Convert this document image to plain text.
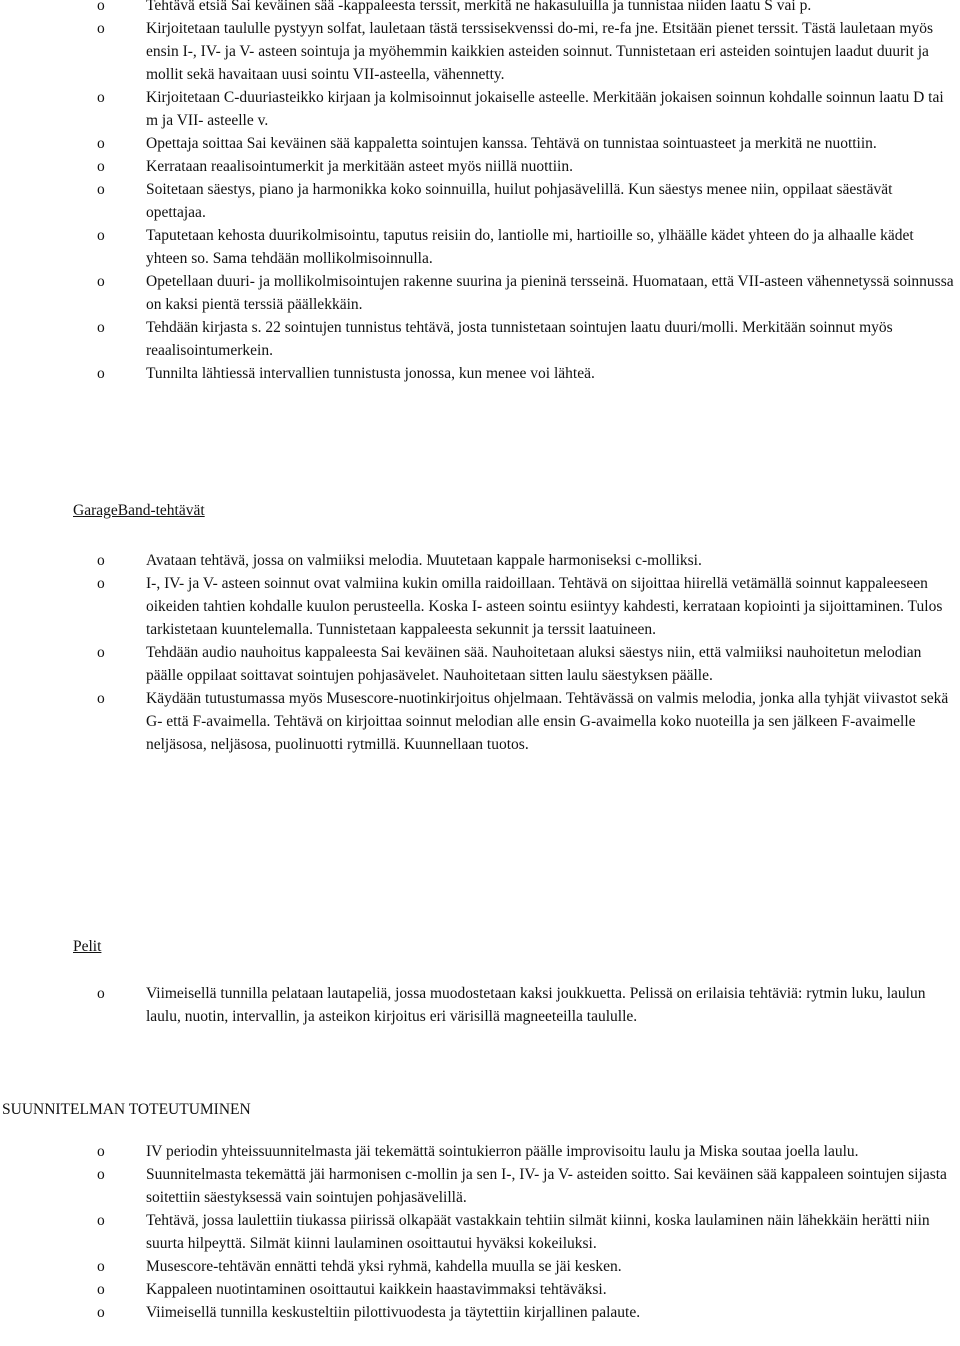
o	Tehtävä etsiä Sai keväinen sää -kappaleesta terssit, merkitä ne hakasuluilla ja tunnistaa niiden laatu S vai p.
o	Kirjoitetaan taululle pystyyn solfat, lauletaan tästä terssisekvenssi do-mi, re-fa jne. Etsitään pienet terssit. Tästä lauletaan myös ensin I-, IV- ja V- asteen sointuja ja myöhemmin kaikkien asteiden soinnut. Tunnistetaan eri asteiden sointujen laadut duurit ja mollit sekä havaitaan uusi sointu VII-asteella, vähennetty.
o	Kirjoitetaan C-duuriasteikko kirjaan ja kolmisoinnut jokaiselle asteelle. Merkitään jokaisen soinnun kohdalle soinnun laatu D tai m ja VII- asteelle v.
o	Opettaja soittaa Sai keväinen sää kappaletta sointujen kanssa. Tehtävä on tunnistaa sointuasteet ja merkitä ne nuottiin.
o	Kerrataan reaalisointumerkit ja merkitään asteet myös niillä nuottiin.
o	Soitetaan säestys, piano ja harmonikka koko soinnuilla, huilut pohjasävelillä. Kun säestys menee niin, oppilaat säestävät opettajaa.
o	Taputetaan kehosta duurikolmisointu, taputus reisiin do, lantiolle mi, hartioille so, ylhäälle kädet yhteen do ja alhaalle kädet yhteen so. Sama tehdään mollikolmisoinnulla.
o	Opetellaan duuri- ja mollikolmisointujen rakenne suurina ja pieninä tersseinä. Huomataan, että VII-asteen vähennetyssä soinnussa on kaksi pientä terssiä päällekkäin.
o	Tehdään kirjasta s. 22 sointujen tunnistus tehtävä, josta tunnistetaan sointujen laatu duuri/molli. Merkitään soinnut myös reaalisointumerkein.
o	Tunnilta lähtiessä intervallien tunnistusta jonossa, kun menee voi lähteä.
GarageBand-tehtävät
o	Avataan tehtävä, jossa on valmiiksi melodia. Muutetaan kappale harmoniseksi c-molliksi.
o	I-, IV- ja V- asteen soinnut ovat valmiina kukin omilla raidoillaan. Tehtävä on sijoittaa hiirellä vetämällä soinnut kappaleeseen oikeiden tahtien kohdalle kuulon perusteella. Koska I- asteen sointu esiintyy kahdesti, kerrataan kopiointi ja sijoittaminen. Tulos tarkistetaan kuuntelemalla. Tunnistetaan kappaleesta sekunnit ja terssit laatuineen.
o	Tehdään audio nauhoitus kappaleesta Sai keväinen sää. Nauhoitetaan aluksi säestys niin, että valmiiksi nauhoitetun melodian päälle oppilaat soittavat sointujen pohjasävelet. Nauhoitetaan sitten laulu säestyksen päälle.
o	Käydään tutustumassa myös Musescore-nuotinkirjoitus ohjelmaan. Tehtävässä on valmis melodia, jonka alla tyhjät viivastot sekä G- että F-avaimella. Tehtävä on kirjoittaa soinnut melodian alle ensin G-avaimella koko nuoteilla ja sen jälkeen F-avaimelle neljäsosa, neljäsosa, puolinuotti rytmillä. Kuunnellaan tuotos.
Pelit
o	Viimeisellä tunnilla pelataan lautapeliä, jossa muodostetaan kaksi joukkuetta. Pelissä on erilaisia tehtäviä: rytmin luku, laulun laulu, nuotin, intervallin, ja asteikon kirjoitus eri värisillä magneeteilla taululle.
SUUNNITELMAN TOTEUTUMINEN
o	IV periodin yhteissuunnitelmasta jäi tekemättä sointukierron päälle improvisoitu laulu ja Miska soutaa joella laulu.
o	Suunnitelmasta tekemättä jäi harmonisen c-mollin ja sen I-, IV- ja V- asteiden soitto. Sai keväinen sää kappaleen sointujen sijasta soitettiin säestyksessä vain sointujen pohjasävelillä.
o	Tehtävä, jossa laulettiin tiukassa piirissä olkapäät vastakkain tehtiin silmät kiinni, koska laulaminen näin lähekkäin herätti niin suurta hilpeyttä. Silmät kiinni laulaminen osoittautui hyväksi kokeiluksi.
o	Musescore-tehtävän ennätti tehdä yksi ryhmä, kahdella muulla se jäi kesken.
o	Kappaleen nuotintaminen osoittautui kaikkein haastavimmaksi tehtäväksi.
o	Viimeisellä tunnilla keskusteltiin pilottivuodesta ja täytettiin kirjallinen palaute.
